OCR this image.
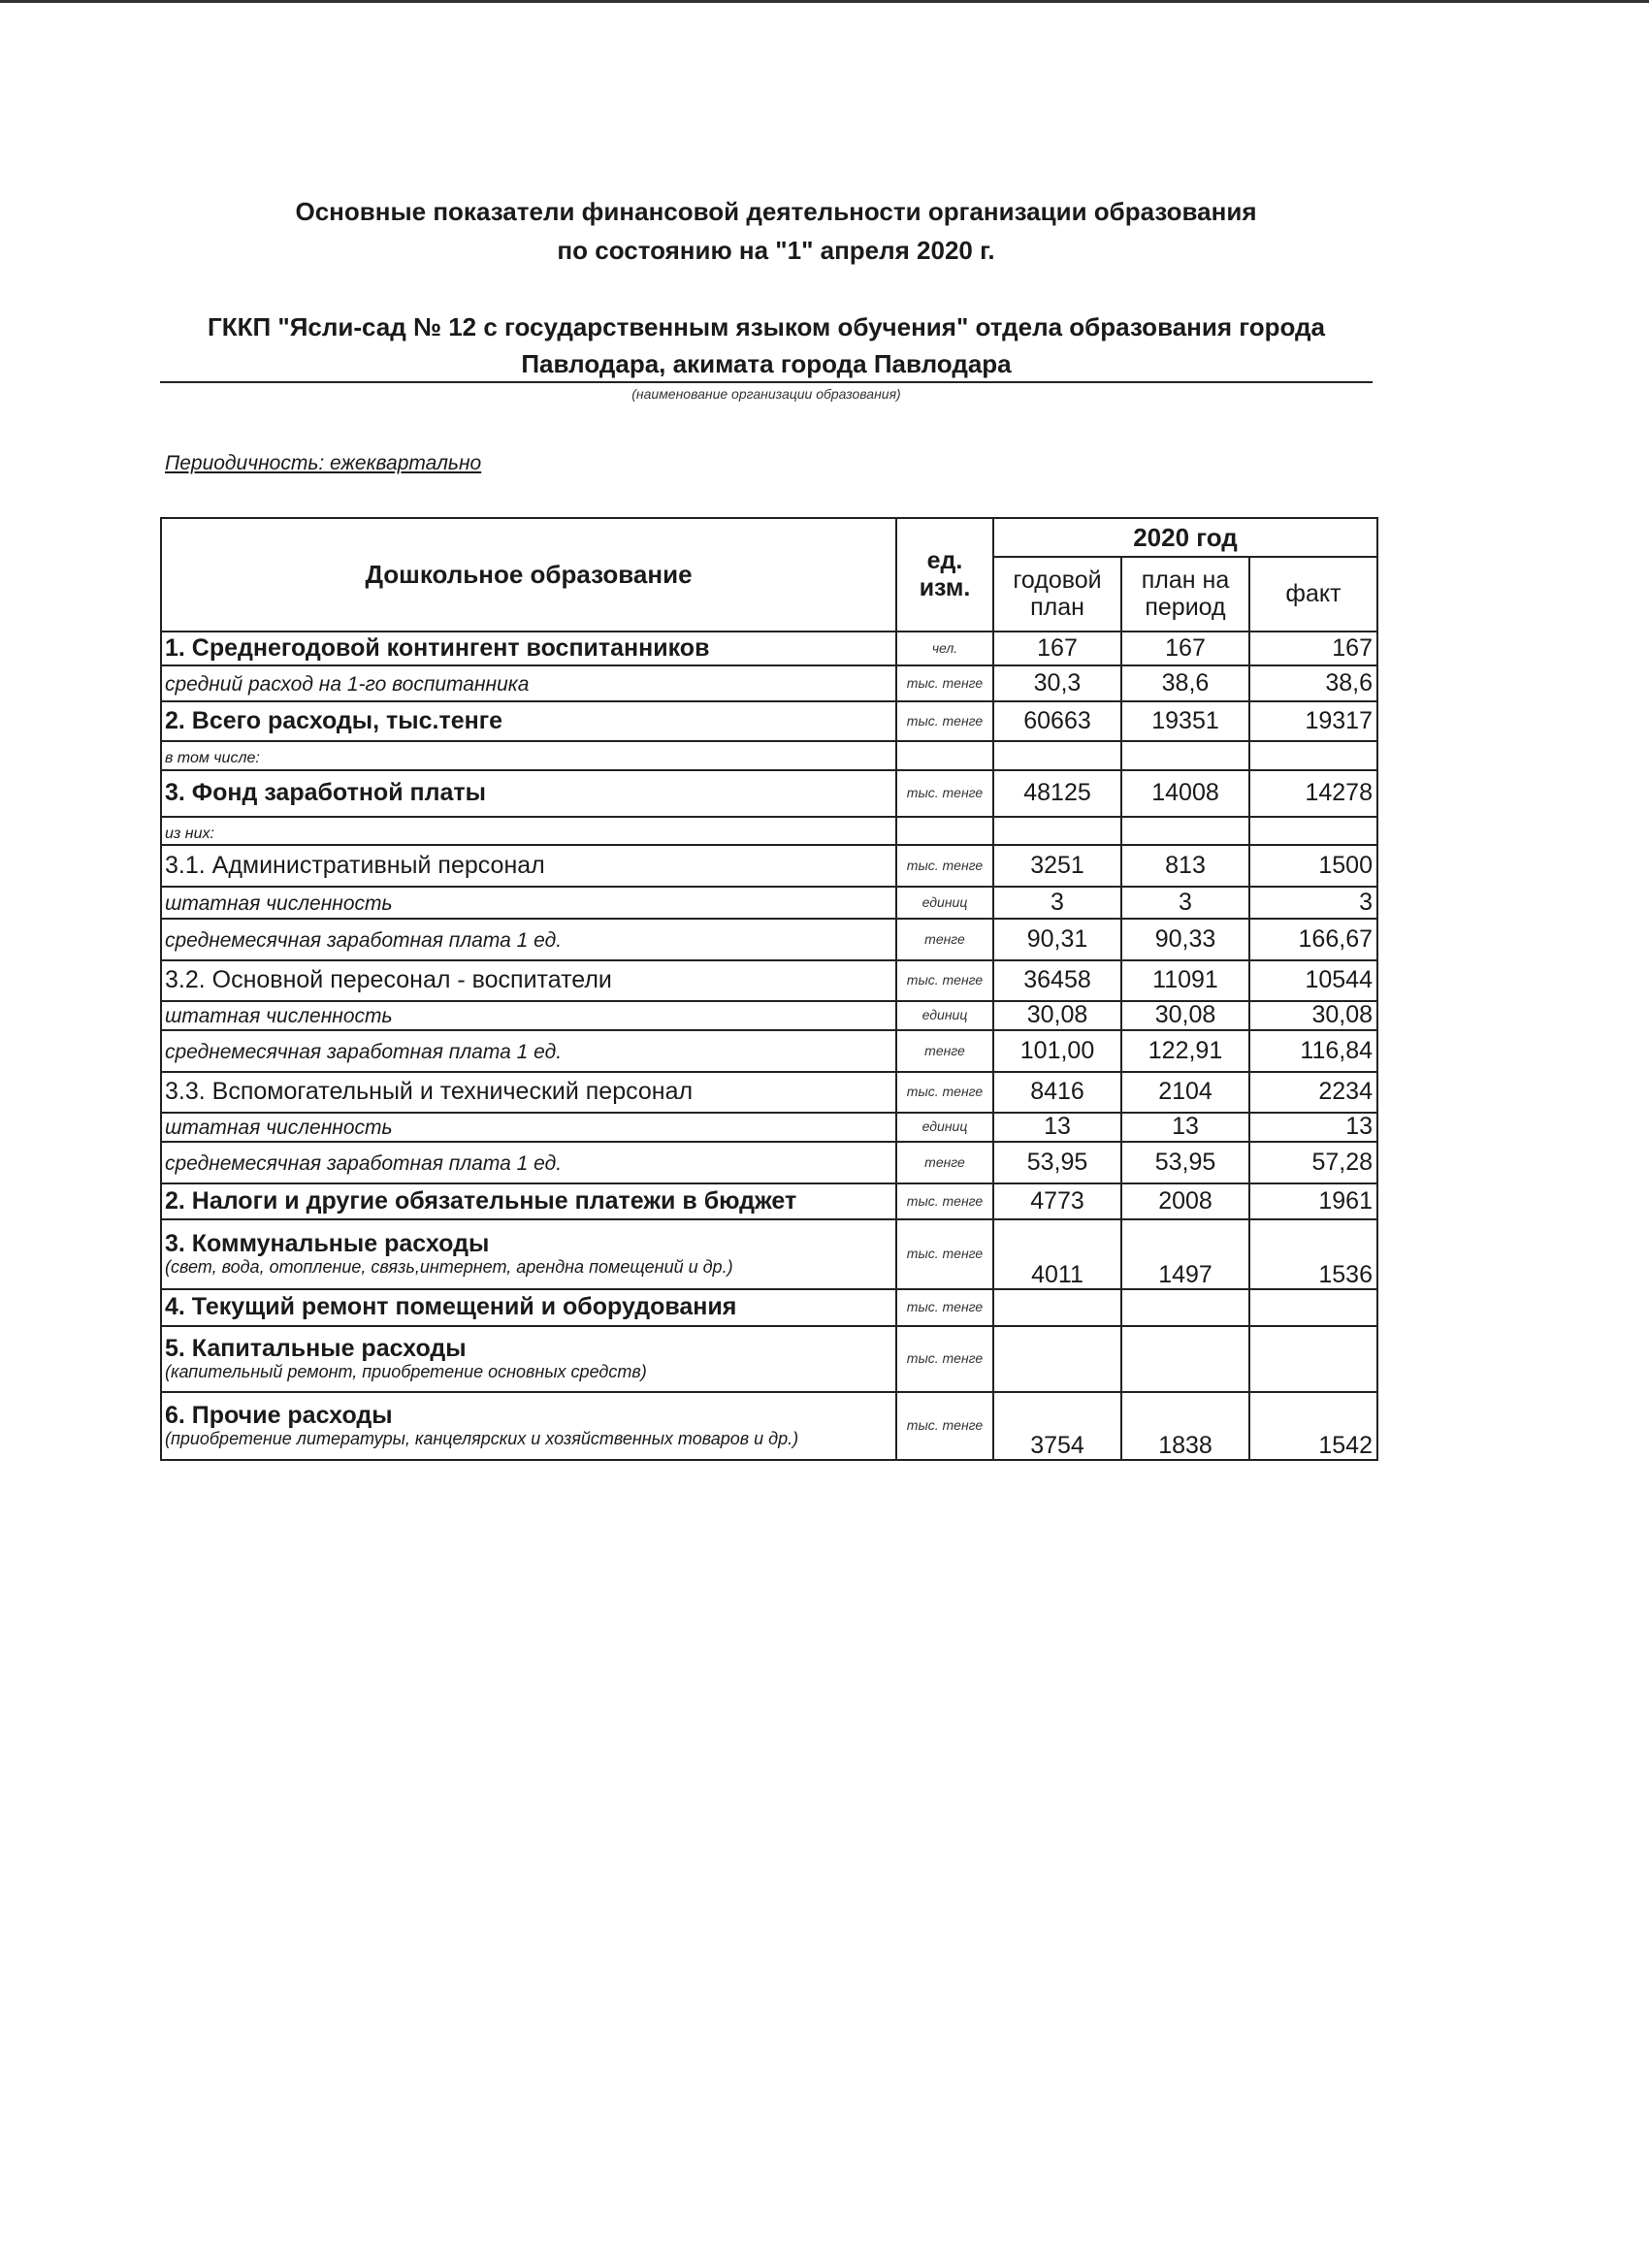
Основные показатели финансовой деятельности организации образования
по состоянию на "1" апреля 2020 г.
ГККП "Ясли-сад № 12 с государственным языком обучения" отдела образования города
Павлодара, акимата города Павлодара
(наименование организации образования)
Периодичность: ежеквартально
Дошкольное образование	ед. изм.	2020 год		
		годовой план	план на период	факт
1. Среднегодовой контингент воспитанников	чел.	167	167	167
средний расход на 1-го воспитанника	тыс. тенге	30,3	38,6	38,6
2. Всего расходы, тыс.тенге	тыс. тенге	60663	19351	19317
в том числе:				
3. Фонд заработной платы	тыс. тенге	48125	14008	14278
из них:				
3.1. Административный персонал	тыс. тенге	3251	813	1500
штатная численность	единиц	3	3	3
среднемесячная заработная плата 1 ед.	тенге	90,31	90,33	166,67
3.2. Основной пересонал - воспитатели	тыс. тенге	36458	11091	10544
штатная численность	единиц	30,08	30,08	30,08
среднемесячная заработная плата 1 ед.	тенге	101,00	122,91	116,84
3.3. Вспомогательный и технический персонал	тыс. тенге	8416	2104	2234
штатная численность	единиц	13	13	13
среднемесячная заработная плата 1 ед.	тенге	53,95	53,95	57,28
2. Налоги и другие обязательные платежи в бюджет	тыс. тенге	4773	2008	1961
3. Коммунальные расходы
(свет, вода, отопление, связь,интернет, арендна помещений и др.)	тыс. тенге	4011	1497	1536
4. Текущий ремонт помещений и оборудования	тыс. тенге			
5. Капитальные расходы
(капительный ремонт, приобретение основных средств)	тыс. тенге			
6. Прочие расходы
(приобретение литературы, канцелярских и хозяйственных товаров и др.)	тыс. тенге	3754	1838	1542
